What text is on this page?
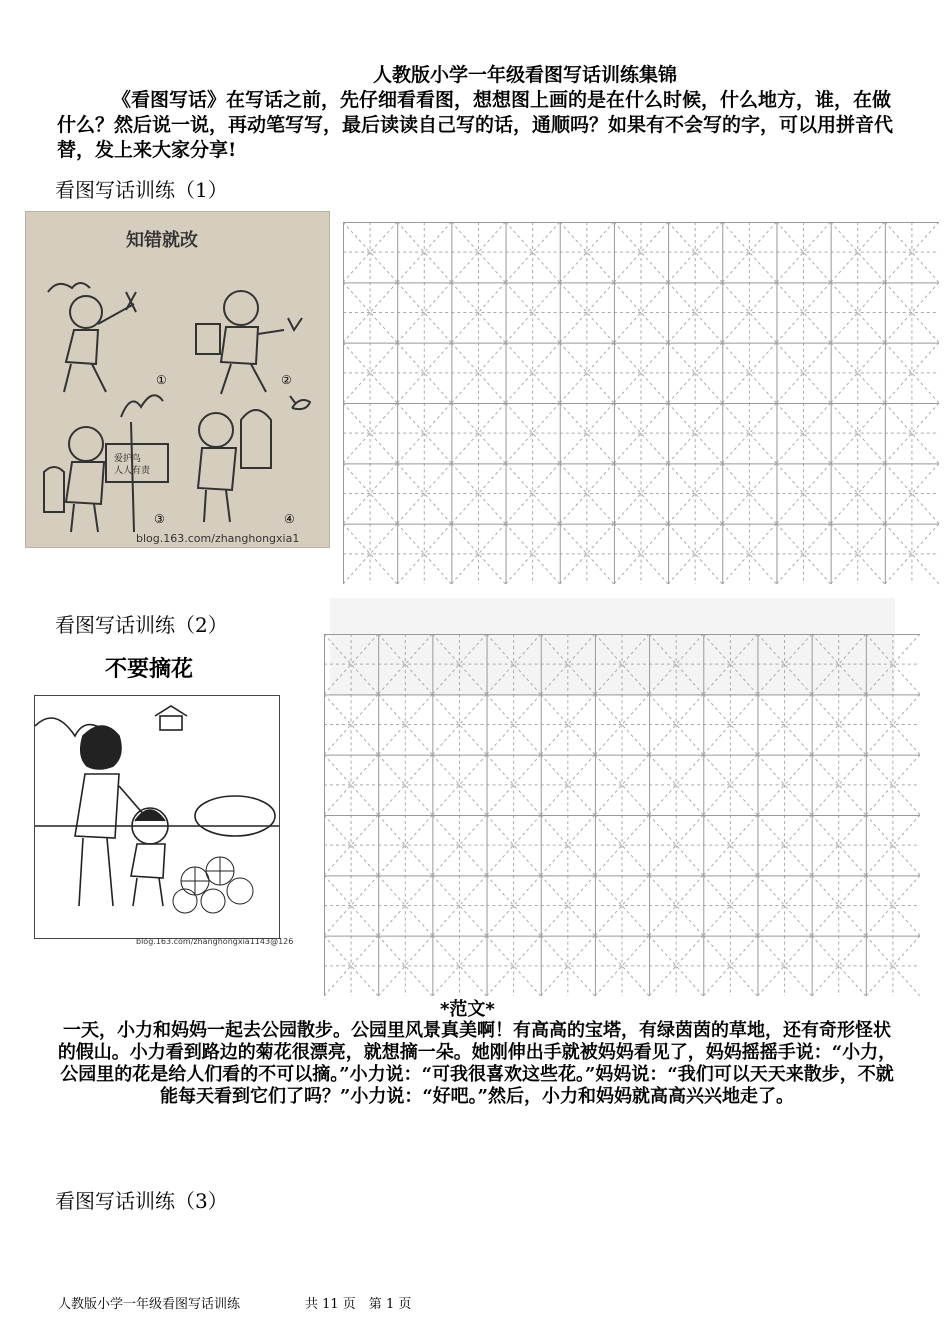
人教版小学一年级看图写话训练集锦
《看图写话》在写话之前，先仔细看看图，想想图上画的是在什么时候，什么地方，谁，在做什么？然后说一说，再动笔写写，最后读读自己写的话，通顺吗？如果有不会写的字，可以用拼音代替，发上来大家分享!
看图写话训练（1）
知错就改
爱护鸟
人人有责
①	②
③	④
blog.163.com/zhanghongxia1
看图写话训练（2）
不要摘花
blog.163.com/zhanghongxia1143@126
*范文*
一天，小力和妈妈一起去公园散步。公园里风景真美啊！有高高的宝塔，有绿茵茵的草地，还有奇形怪状的假山。小力看到路边的菊花很漂亮，就想摘一朵。她刚伸出手就被妈妈看见了，妈妈摇摇手说：“小力，公园里的花是给人们看的不可以摘。”小力说：“可我很喜欢这些花。”妈妈说：“我们可以天天来散步，不就能每天看到它们了吗？”小力说：“好吧。”然后，小力和妈妈就高高兴兴地走了。
看图写话训练（3）
人教版小学一年级看图写话训练　　　　　共 11 页　第 1 页
